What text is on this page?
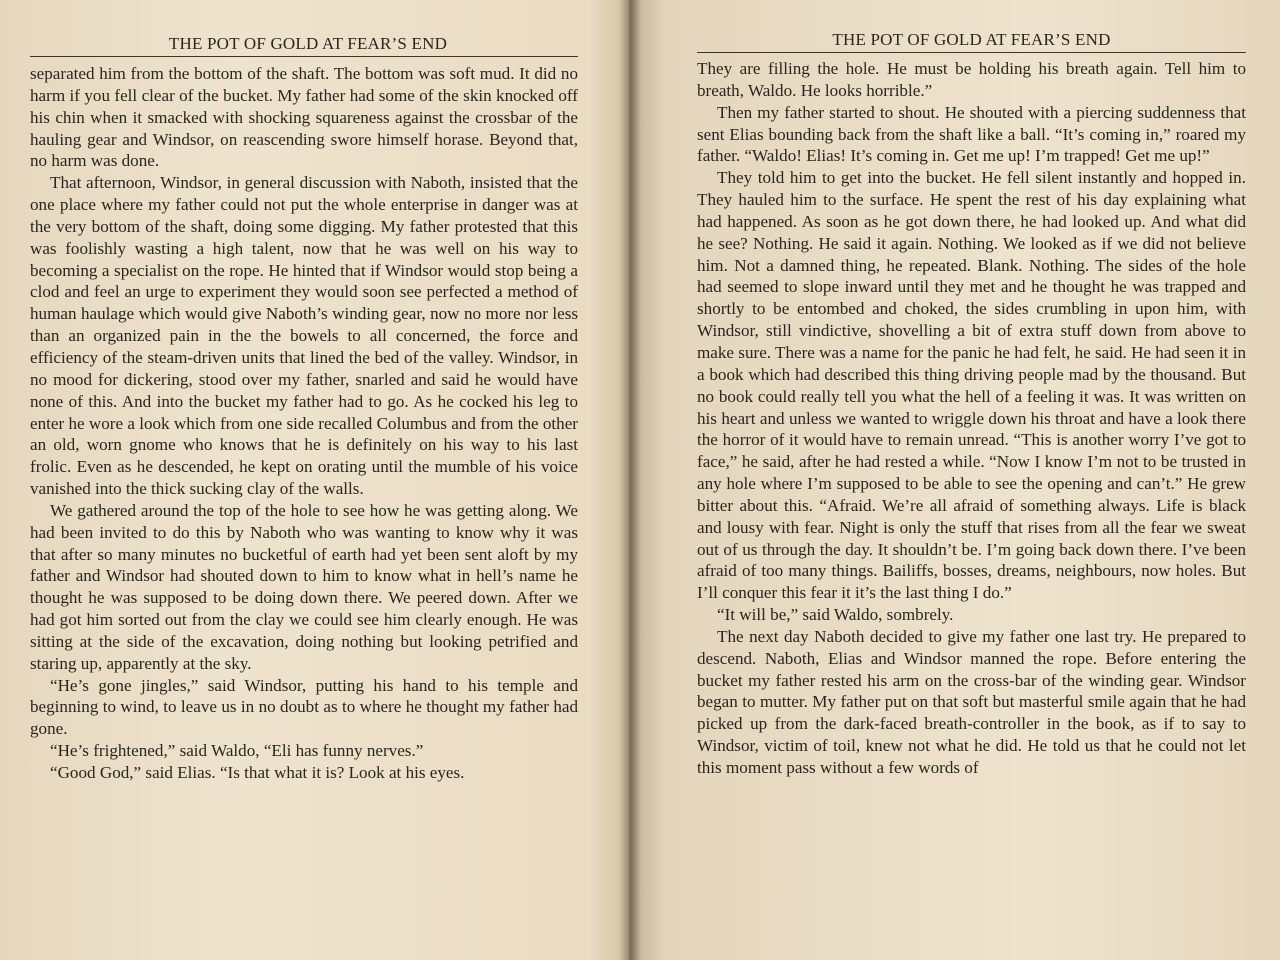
THE POT OF GOLD AT FEAR’S END

separated him from the bottom of the shaft. The bottom was soft mud. It did no harm if you fell clear of the bucket. My father had some of the skin knocked off his chin when it smacked with shocking squareness against the crossbar of the hauling gear and Windsor, on reascending swore himself horase. Beyond that, no harm was done.

That afternoon, Windsor, in general discussion with Naboth, insisted that the one place where my father could not put the whole enterprise in danger was at the very bottom of the shaft, doing some digging. My father protested that this was foolishly wasting a high talent, now that he was well on his way to becoming a specialist on the rope. He hinted that if Windsor would stop being a clod and feel an urge to experiment they would soon see perfected a method of human haulage which would give Naboth’s winding gear, now no more nor less than an organized pain in the the bowels to all concerned, the force and efficiency of the steam-driven units that lined the bed of the valley. Windsor, in no mood for dickering, stood over my father, snarled and said he would have none of this. And into the bucket my father had to go. As he cocked his leg to enter he wore a look which from one side recalled Columbus and from the other an old, worn gnome who knows that he is definitely on his way to his last frolic. Even as he descended, he kept on orating until the mumble of his voice vanished into the thick sucking clay of the walls.

We gathered around the top of the hole to see how he was getting along. We had been invited to do this by Naboth who was wanting to know why it was that after so many minutes no bucketful of earth had yet been sent aloft by my father and Windsor had shouted down to him to know what in hell’s name he thought he was supposed to be doing down there. We peered down. After we had got him sorted out from the clay we could see him clearly enough. He was sitting at the side of the excavation, doing nothing but looking petrified and staring up, apparently at the sky.

“He’s gone jingles,” said Windsor, putting his hand to his temple and beginning to wind, to leave us in no doubt as to where he thought my father had gone.

“He’s frightened,” said Waldo, “Eli has funny nerves.”

“Good God,” said Elias. “Is that what it is? Look at his eyes.

THE POT OF GOLD AT FEAR’S END

They are filling the hole. He must be holding his breath again. Tell him to breath, Waldo. He looks horrible.”

Then my father started to shout. He shouted with a piercing suddenness that sent Elias bounding back from the shaft like a ball. “It’s coming in,” roared my father. “Waldo! Elias! It’s coming in. Get me up! I’m trapped! Get me up!”

They told him to get into the bucket. He fell silent instantly and hopped in. They hauled him to the surface. He spent the rest of his day explaining what had happened. As soon as he got down there, he had looked up. And what did he see? Nothing. He said it again. Nothing. We looked as if we did not believe him. Not a damned thing, he repeated. Blank. Nothing. The sides of the hole had seemed to slope inward until they met and he thought he was trapped and shortly to be entombed and choked, the sides crumbling in upon him, with Windsor, still vindictive, shovelling a bit of extra stuff down from above to make sure. There was a name for the panic he had felt, he said. He had seen it in a book which had described this thing driving people mad by the thousand. But no book could really tell you what the hell of a feeling it was. It was written on his heart and unless we wanted to wriggle down his throat and have a look there the horror of it would have to remain unread. “This is another worry I’ve got to face,” he said, after he had rested a while. “Now I know I’m not to be trusted in any hole where I’m supposed to be able to see the opening and can’t.” He grew bitter about this. “Afraid. We’re all afraid of something always. Life is black and lousy with fear. Night is only the stuff that rises from all the fear we sweat out of us through the day. It shouldn’t be. I’m going back down there. I’ve been afraid of too many things. Bailiffs, bosses, dreams, neighbours, now holes. But I’ll conquer this fear it it’s the last thing I do.”

“It will be,” said Waldo, sombrely.

The next day Naboth decided to give my father one last try. He prepared to descend. Naboth, Elias and Windsor manned the rope. Before entering the bucket my father rested his arm on the cross-bar of the winding gear. Windsor began to mutter. My father put on that soft but masterful smile again that he had picked up from the dark-faced breath-controller in the book, as if to say to Windsor, victim of toil, knew not what he did. He told us that he could not let this moment pass without a few words of
